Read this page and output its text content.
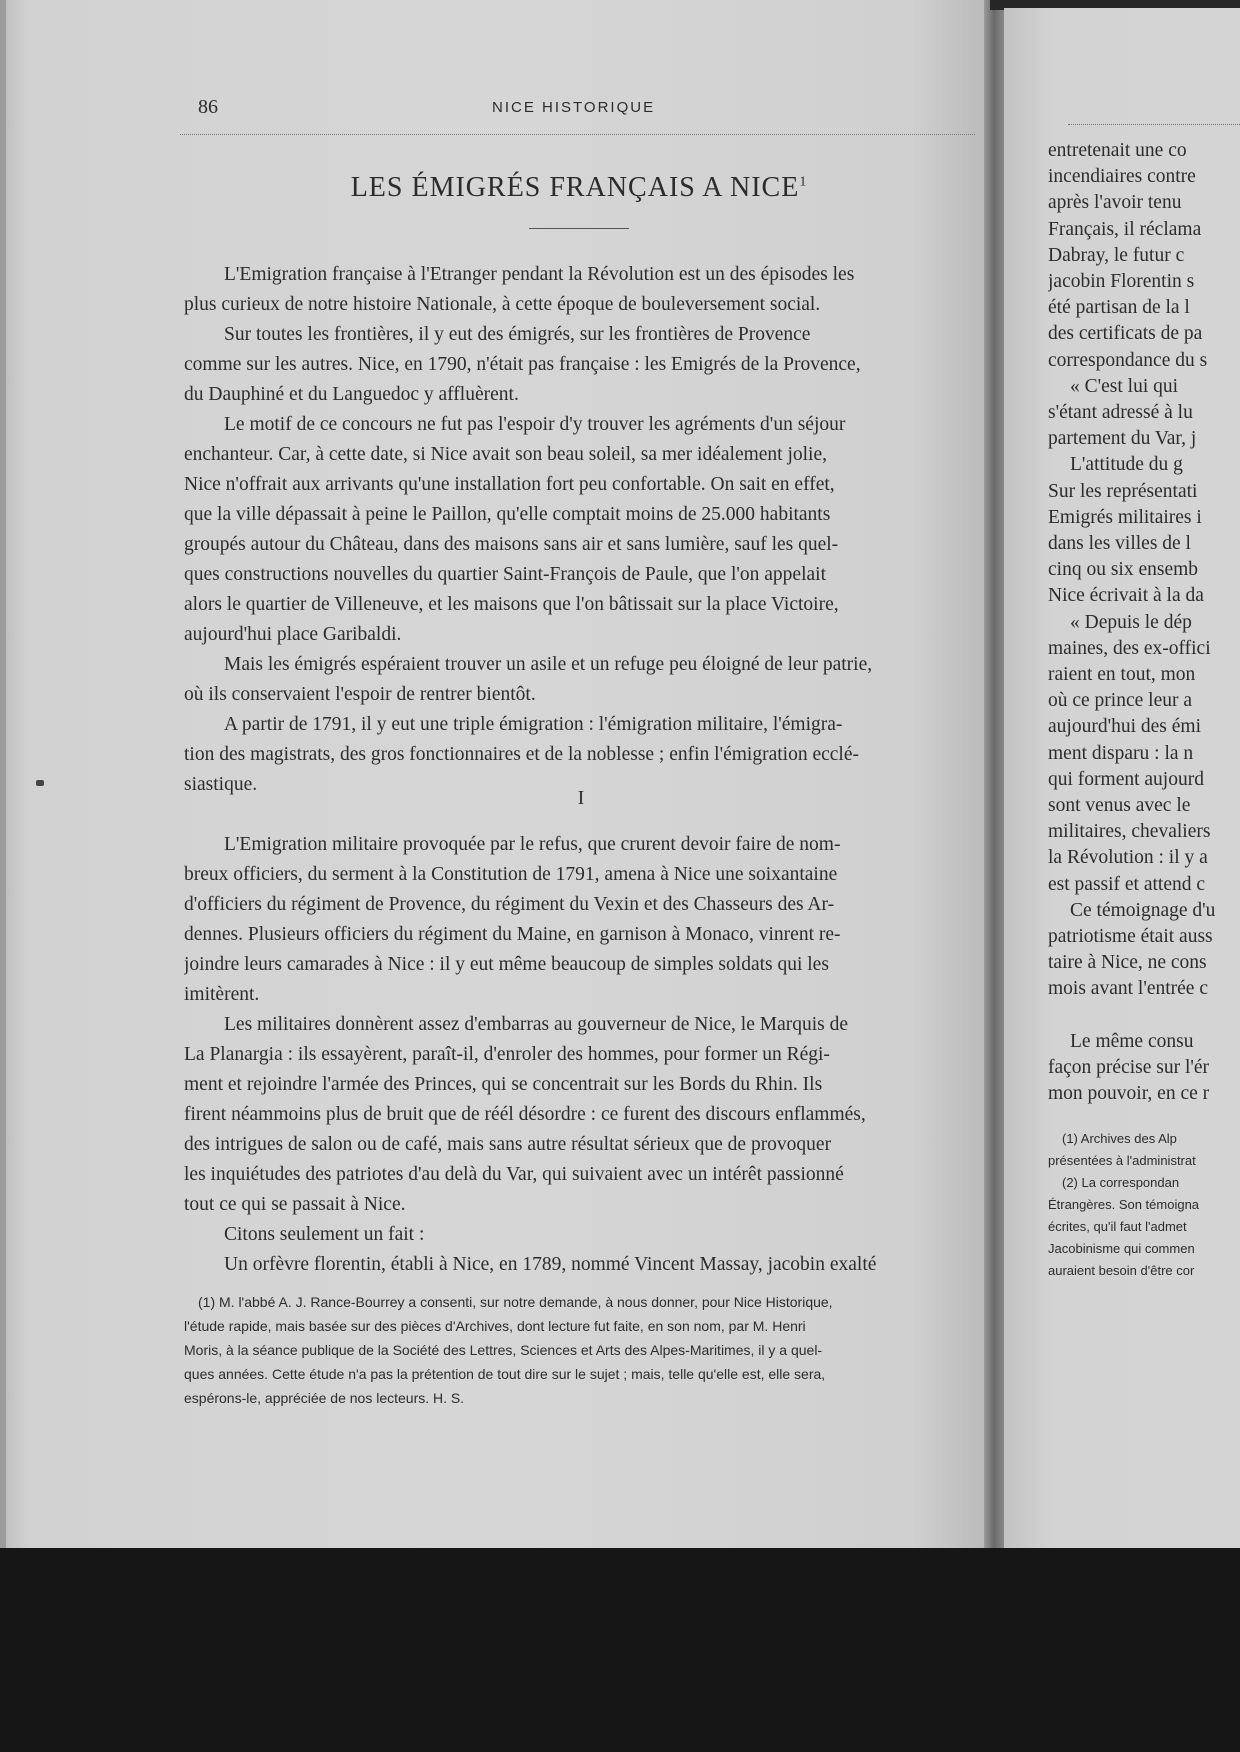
86	NICE HISTORIQUE
LES ÉMIGRÉS FRANÇAIS A NICE$^1$
L'Emigration française à l'Etranger pendant la Révolution est un des épisodes les
plus curieux de notre histoire Nationale, à cette époque de bouleversement social.
Sur toutes les frontières, il y eut des émigrés, sur les frontières de Provence
comme sur les autres. Nice, en 1790, n'était pas française : les Emigrés de la Provence,
du Dauphiné et du Languedoc y affluèrent.
Le motif de ce concours ne fut pas l'espoir d'y trouver les agréments d'un séjour
enchanteur. Car, à cette date, si Nice avait son beau soleil, sa mer idéalement jolie,
Nice n'offrait aux arrivants qu'une installation fort peu confortable. On sait en effet,
que la ville dépassait à peine le Paillon, qu'elle comptait moins de 25.000 habitants
groupés autour du Château, dans des maisons sans air et sans lumière, sauf les quel-
ques constructions nouvelles du quartier Saint-François de Paule, que l'on appelait
alors le quartier de Villeneuve, et les maisons que l'on bâtissait sur la place Victoire,
aujourd'hui place Garibaldi.
Mais les émigrés espéraient trouver un asile et un refuge peu éloigné de leur patrie,
où ils conservaient l'espoir de rentrer bientôt.
A partir de 1791, il y eut une triple émigration : l'émigration militaire, l'émigra-
tion des magistrats, des gros fonctionnaires et de la noblesse ; enfin l'émigration ecclé-
siastique.
I
L'Emigration militaire provoquée par le refus, que crurent devoir faire de nom-
breux officiers, du serment à la Constitution de 1791, amena à Nice une soixantaine
d'officiers du régiment de Provence, du régiment du Vexin et des Chasseurs des Ar-
dennes. Plusieurs officiers du régiment du Maine, en garnison à Monaco, vinrent re-
joindre leurs camarades à Nice : il y eut même beaucoup de simples soldats qui les
imitèrent.
Les militaires donnèrent assez d'embarras au gouverneur de Nice, le Marquis de
La Planargia : ils essayèrent, paraît-il, d'enroler des hommes, pour former un Régi-
ment et rejoindre l'armée des Princes, qui se concentrait sur les Bords du Rhin. Ils
firent néammoins plus de bruit que de réél désordre : ce furent des discours enflammés,
des intrigues de salon ou de café, mais sans autre résultat sérieux que de provoquer
les inquiétudes des patriotes d'au delà du Var, qui suivaient avec un intérêt passionné
tout ce qui se passait à Nice.
Citons seulement un fait :
Un orfèvre florentin, établi à Nice, en 1789, nommé Vincent Massay, jacobin exalté
(1) M. l'abbé A. J. Rance-Bourrey a consenti, sur notre demande, à nous donner, pour Nice Historique,
l'étude rapide, mais basée sur des pièces d'Archives, dont lecture fut faite, en son nom, par M. Henri
Moris, à la séance publique de la Société des Lettres, Sciences et Arts des Alpes-Maritimes, il y a quel-
ques années. Cette étude n'a pas la prétention de tout dire sur le sujet ; mais, telle qu'elle est, elle sera,
espérons-le, appréciée de nos lecteurs. H. S.
entretenait une co
incendiaires contre
après l'avoir tenu
Français, il réclama
Dabray, le futur c
jacobin Florentin s
été partisan de la l
des certificats de pa
correspondance du s
« C'est lui qui
s'étant adressé à lu
partement du Var, j
L'attitude du g
Sur les représentati
Emigrés militaires i
dans les villes de l
cinq ou six ensemb
Nice écrivait à la da
« Depuis le dép
maines, des ex-offici
raient en tout, mon
où ce prince leur a
aujourd'hui des émi
ment disparu : la n
qui forment aujourd
sont venus avec le
militaires, chevaliers
la Révolution : il y a
est passif et attend c
Ce témoignage d'u
patriotisme était auss
taire à Nice, ne cons
mois avant l'entrée c
Le même consu
façon précise sur l'ér
mon pouvoir, en ce r
(1) Archives des Alp
présentées à l'administrat
(2) La correspondan
Étrangères. Son témoigna
écrites, qu'il faut l'admet
Jacobinisme qui commen
auraient besoin d'être cor
